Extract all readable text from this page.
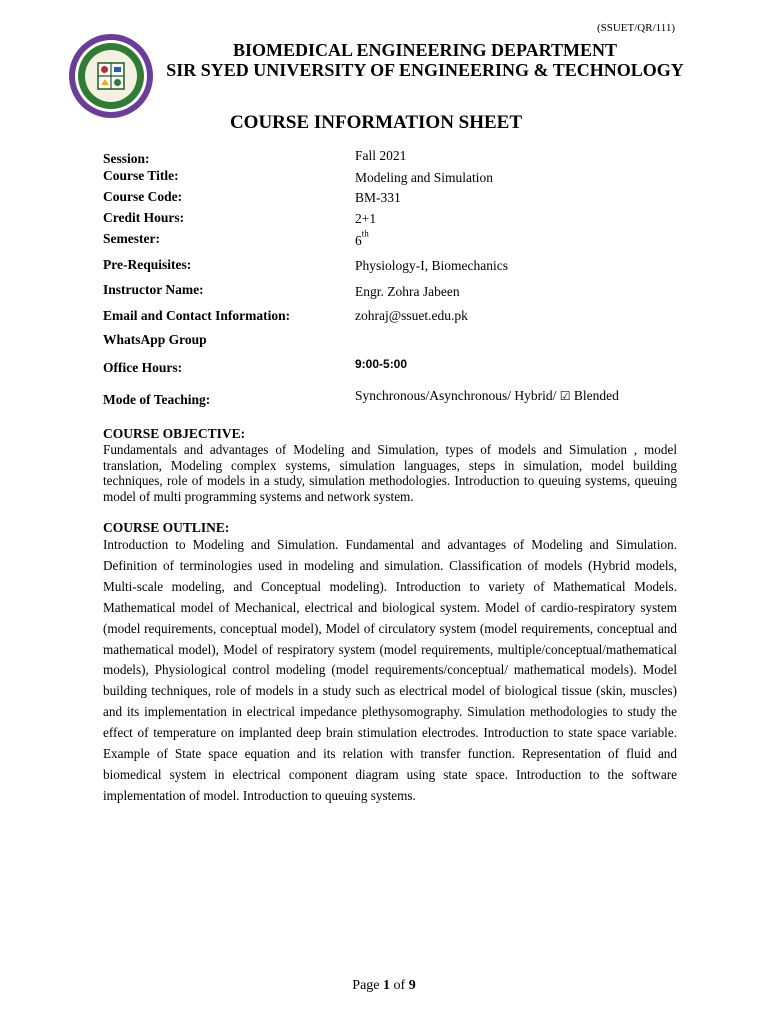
(SSUET/QR/111)
BIOMEDICAL ENGINEERING DEPARTMENT
SIR SYED UNIVERSITY OF ENGINEERING & TECHNOLOGY
COURSE INFORMATION SHEET
Session:	Fall 2021
Course Title:	Modeling and Simulation
Course Code:	BM-331
Credit Hours:	2+1
Semester:	6th
Pre-Requisites:	Physiology-I, Biomechanics
Instructor Name:	Engr. Zohra Jabeen
Email and Contact Information:	zohraj@ssuet.edu.pk
WhatsApp Group
Office Hours:	9:00-5:00
Mode of Teaching:	Synchronous/Asynchronous/ Hybrid/ ☑ Blended
COURSE OBJECTIVE:
Fundamentals and advantages of Modeling and Simulation, types of models and Simulation , model translation, Modeling complex systems, simulation languages, steps in simulation, model building techniques, role of models in a study, simulation methodologies. Introduction to queuing systems, queuing model of multi programming systems and network system.
COURSE OUTLINE:
Introduction to Modeling and Simulation. Fundamental and advantages of Modeling and Simulation. Definition of terminologies used in modeling and simulation. Classification of models (Hybrid models, Multi-scale modeling, and Conceptual modeling). Introduction to variety of Mathematical Models. Mathematical model of Mechanical, electrical and biological system. Model of cardio-respiratory system (model requirements, conceptual model), Model of circulatory system (model requirements, conceptual and mathematical model), Model of respiratory system (model requirements, multiple/conceptual/mathematical models), Physiological control modeling (model requirements/conceptual/ mathematical models). Model building techniques, role of models in a study such as electrical model of biological tissue (skin, muscles) and its implementation in electrical impedance plethysomography. Simulation methodologies to study the effect of temperature on implanted deep brain stimulation electrodes. Introduction to state space variable. Example of State space equation and its relation with transfer function. Representation of fluid and biomedical system in electrical component diagram using state space. Introduction to the software implementation of model. Introduction to queuing systems.
Page 1 of 9
